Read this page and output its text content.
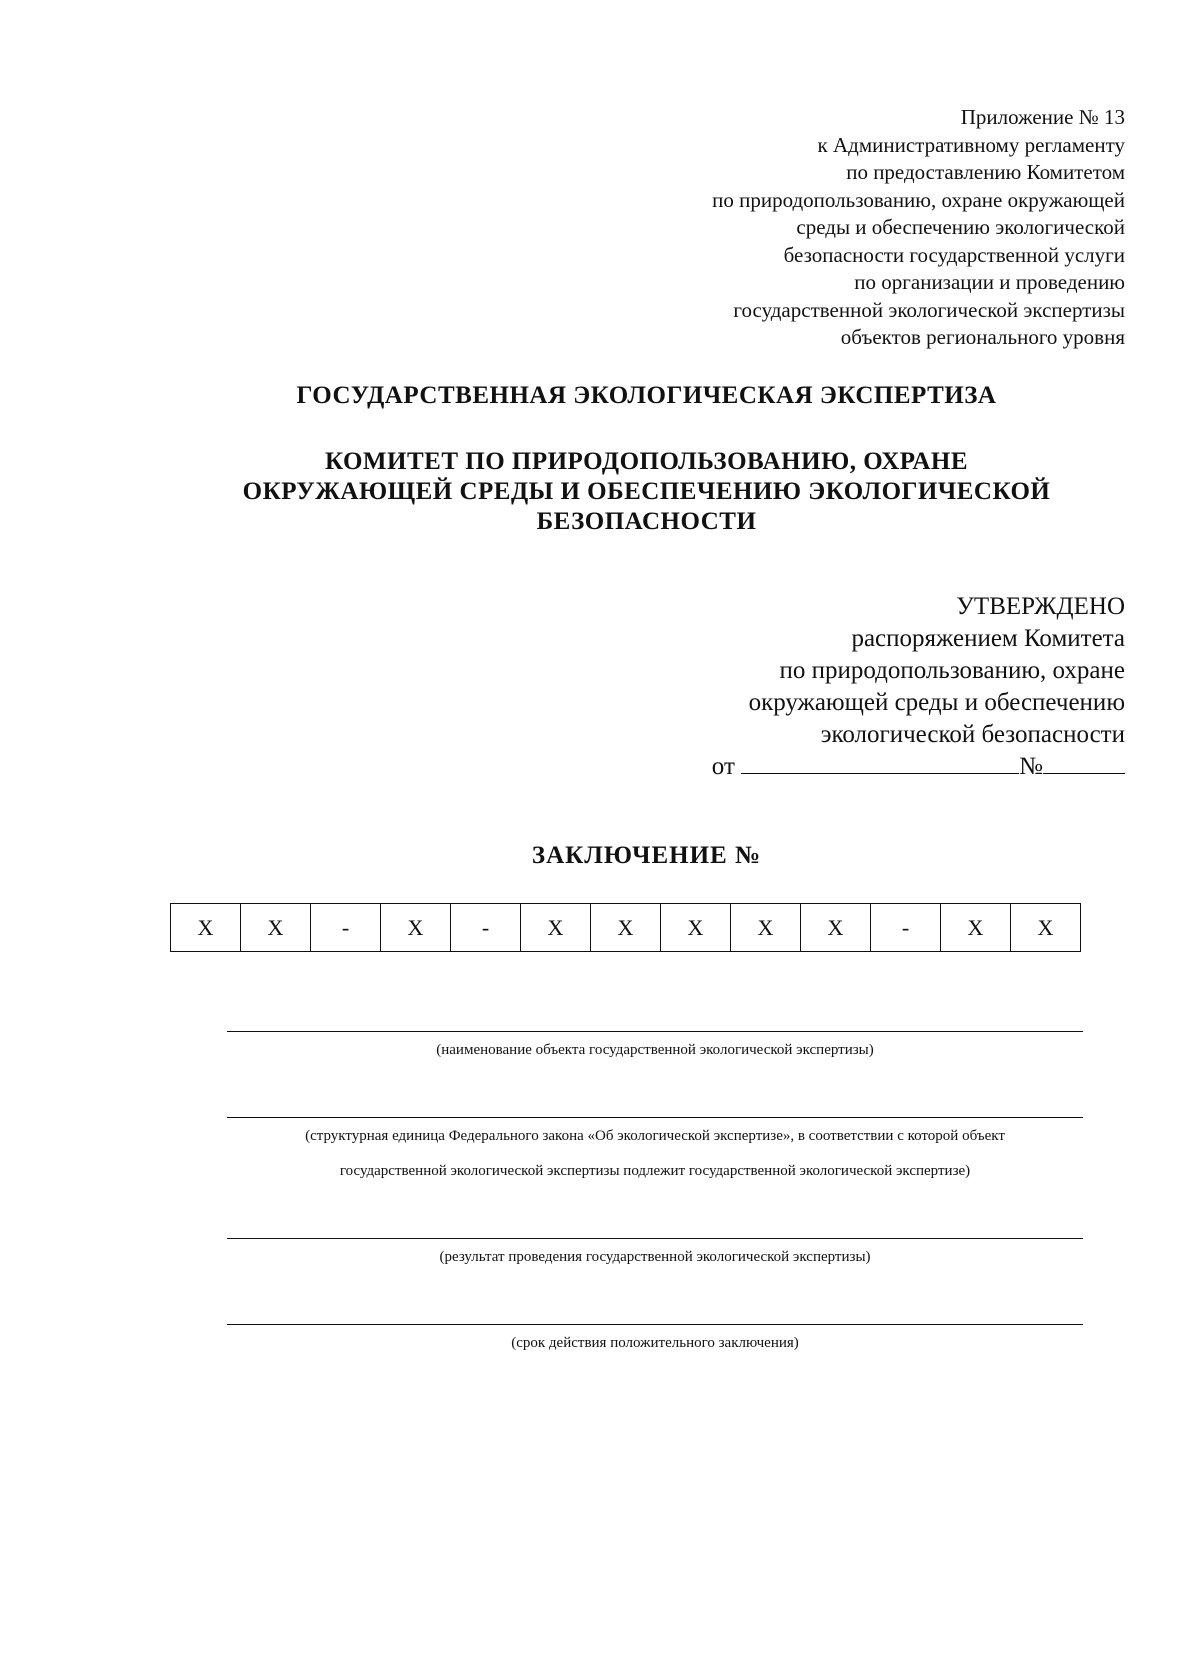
Приложение № 13
к Административному регламенту
по предоставлению Комитетом
по природопользованию, охране окружающей
среды и обеспечению экологической
безопасности государственной услуги
по организации и проведению
государственной экологической экспертизы
объектов регионального уровня
ГОСУДАРСТВЕННАЯ ЭКОЛОГИЧЕСКАЯ ЭКСПЕРТИЗА
КОМИТЕТ ПО ПРИРОДОПОЛЬЗОВАНИЮ, ОХРАНЕ
ОКРУЖАЮЩЕЙ СРЕДЫ И ОБЕСПЕЧЕНИЮ ЭКОЛОГИЧЕСКОЙ
БЕЗОПАСНОСТИ
УТВЕРЖДЕНО
распоряжением Комитета
по природопользованию, охране
окружающей среды и обеспечению
экологической безопасности
от	№
ЗАКЛЮЧЕНИЕ №
X	X	-	X	-	X	X	X	X	X	-	X	X
(наименование объекта государственной экологической экспертизы)
(структурная единица Федерального закона «Об экологической экспертизе», в соответствии с которой объект
государственной экологической экспертизы подлежит государственной экологической экспертизе)
(результат проведения государственной экологической экспертизы)
(срок действия положительного заключения)
